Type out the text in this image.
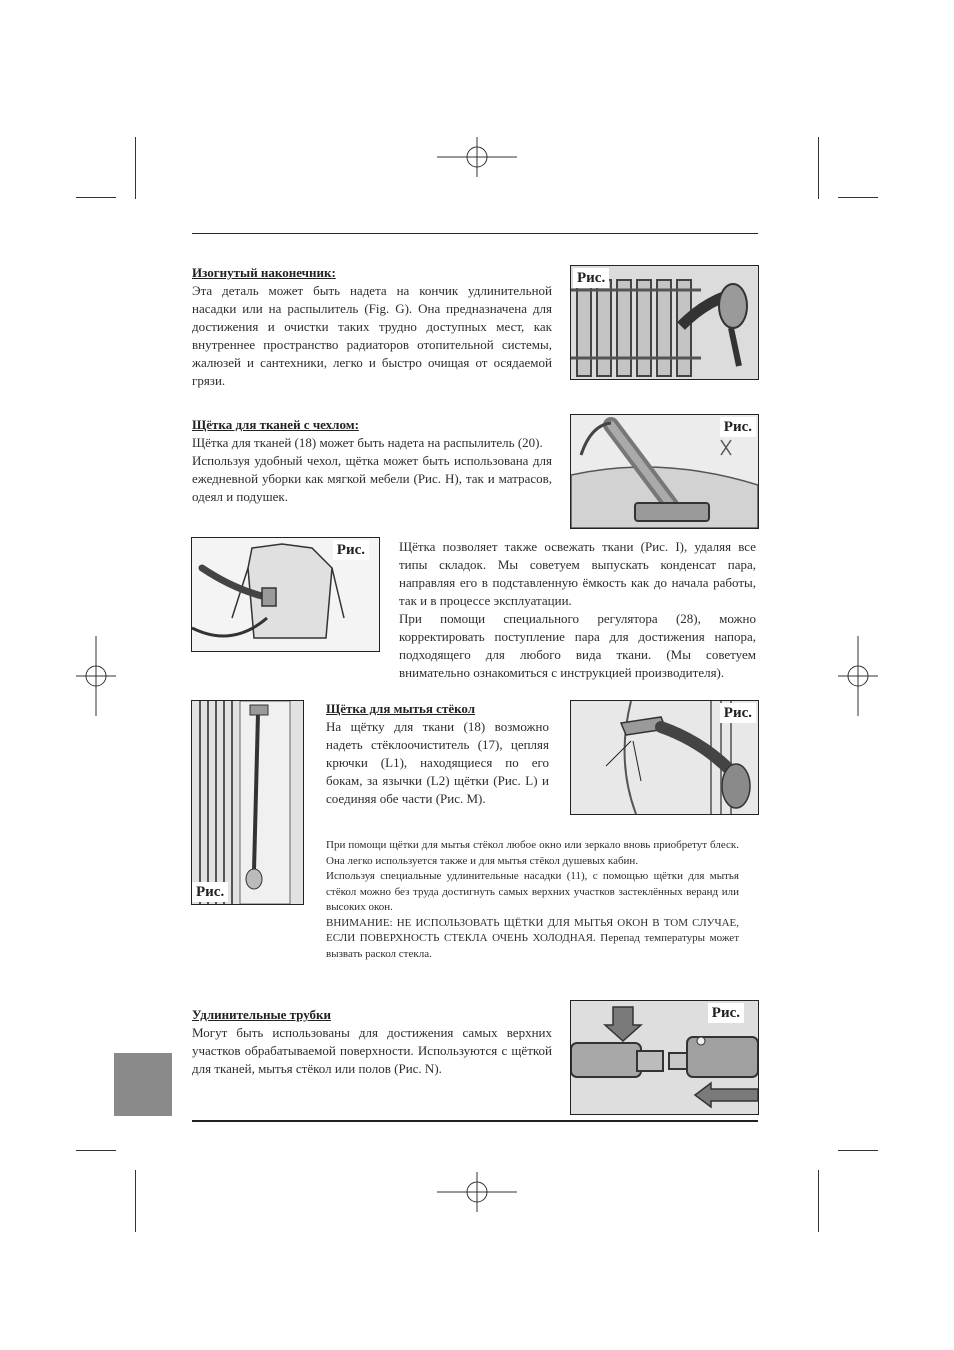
Изогнутый наконечник:

Эта деталь может быть надета на кончик удлинительной насадки или на распылитель (Fig. G). Она предназначена для достижения и очистки таких трудно доступных мест, как внутреннее пространство радиаторов отопительной системы, жалюзей и сантехники, легко и быстро очищая от осядаемой грязи.

Рис.
Щётка для тканей с чехлом:

Щётка для тканей (18) может быть надета на распылитель (20).

Используя удобный чехол, щётка может быть использована для ежедневной уборки как мягкой мебели (Рис. H), так и матрасов, одеял и подушек.

Рис.
Рис.	Щётка позволяет также освежать ткани (Рис. I), удаляя все типы складок. Мы советуем выпускать конденсат пара, направляя его в подставленную ёмкость как до начала работы, так и в процессе эксплуатации.

При помощи специального регулятора (28), можно корректировать поступление пара для достижения напора, подходящего для любого вида ткани. (Мы советуем внимательно ознакомиться с инструкцией производителя).

Рис.
Щётка для мытья стёкол

На щётку для ткани (18) возможно надеть стёклоочиститель (17), цепляя крючки (L1), находящиеся по его бокам, за язычки (L2) щётки (Рис. L) и соединяя обе части (Рис. M).

Рис.

При помощи щётки для мытья стёкол любое окно или зеркало вновь приобретут блеск. Она легко используется также и для мытья стёкол душевых кабин.

Используя специальные удлинительные насадки (11), с помощью щётки для мытья стёкол можно без труда достигнуть самых верхних участков застеклённых веранд или высоких окон.

ВНИМАНИЕ: НЕ ИСПОЛЬЗОВАТЬ ЩЁТКИ ДЛЯ МЫТЬЯ ОКОН В ТОМ СЛУЧАЕ, ЕСЛИ ПОВЕРХНОСТЬ СТЕКЛА ОЧЕНЬ ХОЛОДНАЯ. Перепад температуры может вызвать раскол стекла.

Удлинительные трубки

Могут быть использованы для достижения самых верхних участков обрабатываемой поверхности. Используются с щёткой для тканей, мытья стёкол или полов (Рис. N).

Рис.
